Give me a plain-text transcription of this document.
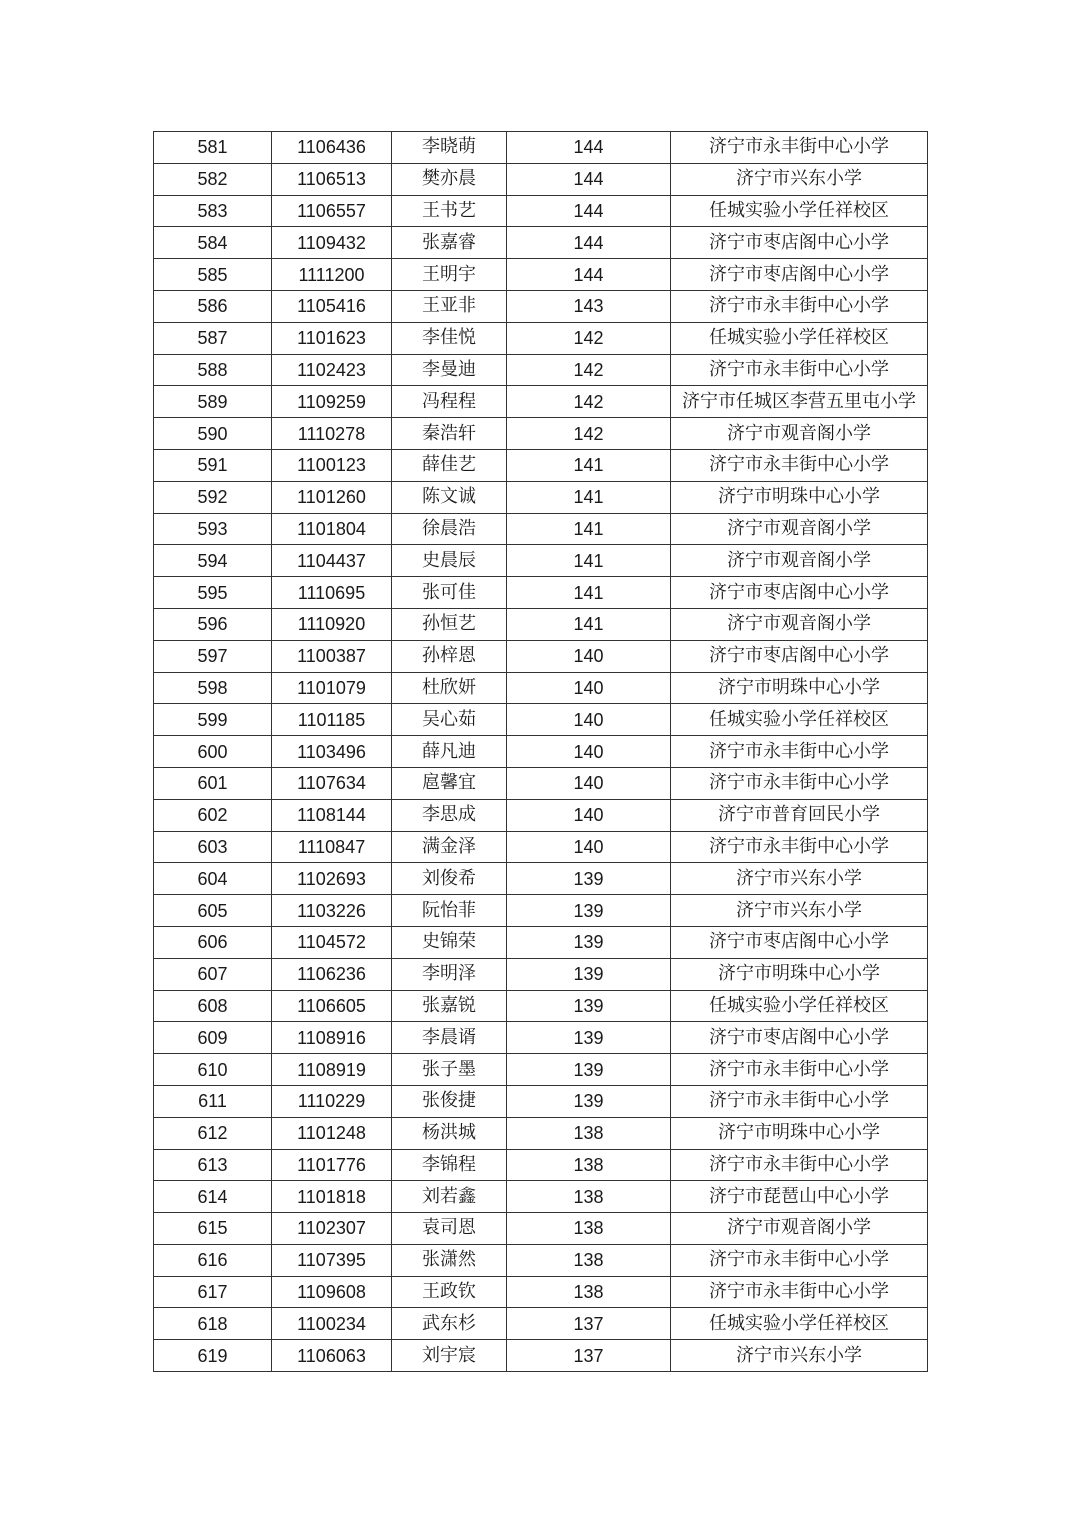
581	1106436	李晓萌	144	济宁市永丰街中心小学
582	1106513	樊亦晨	144	济宁市兴东小学
583	1106557	王书艺	144	任城实验小学任祥校区
584	1109432	张嘉睿	144	济宁市枣店阁中心小学
585	1111200	王明宇	144	济宁市枣店阁中心小学
586	1105416	王亚非	143	济宁市永丰街中心小学
587	1101623	李佳悦	142	任城实验小学任祥校区
588	1102423	李曼迪	142	济宁市永丰街中心小学
589	1109259	冯程程	142	济宁市任城区李营五里屯小学
590	1110278	秦浩轩	142	济宁市观音阁小学
591	1100123	薛佳艺	141	济宁市永丰街中心小学
592	1101260	陈文诚	141	济宁市明珠中心小学
593	1101804	徐晨浩	141	济宁市观音阁小学
594	1104437	史晨辰	141	济宁市观音阁小学
595	1110695	张可佳	141	济宁市枣店阁中心小学
596	1110920	孙恒艺	141	济宁市观音阁小学
597	1100387	孙梓恩	140	济宁市枣店阁中心小学
598	1101079	杜欣妍	140	济宁市明珠中心小学
599	1101185	吴心茹	140	任城实验小学任祥校区
600	1103496	薛凡迪	140	济宁市永丰街中心小学
601	1107634	扈馨宜	140	济宁市永丰街中心小学
602	1108144	李思成	140	济宁市普育回民小学
603	1110847	满金泽	140	济宁市永丰街中心小学
604	1102693	刘俊希	139	济宁市兴东小学
605	1103226	阮怡菲	139	济宁市兴东小学
606	1104572	史锦荣	139	济宁市枣店阁中心小学
607	1106236	李明泽	139	济宁市明珠中心小学
608	1106605	张嘉锐	139	任城实验小学任祥校区
609	1108916	李晨谞	139	济宁市枣店阁中心小学
610	1108919	张子墨	139	济宁市永丰街中心小学
611	1110229	张俊捷	139	济宁市永丰街中心小学
612	1101248	杨洪城	138	济宁市明珠中心小学
613	1101776	李锦程	138	济宁市永丰街中心小学
614	1101818	刘若鑫	138	济宁市琵琶山中心小学
615	1102307	袁司恩	138	济宁市观音阁小学
616	1107395	张潇然	138	济宁市永丰街中心小学
617	1109608	王政钦	138	济宁市永丰街中心小学
618	1100234	武东杉	137	任城实验小学任祥校区
619	1106063	刘宇宸	137	济宁市兴东小学
